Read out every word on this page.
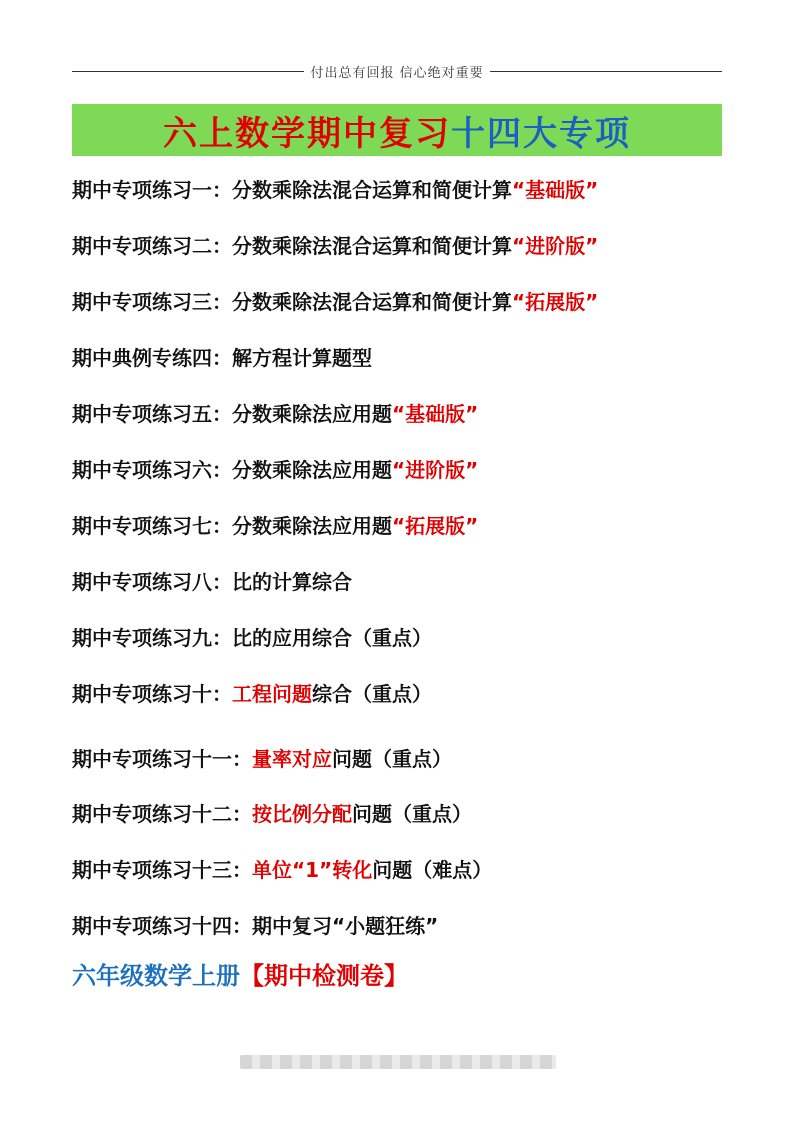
付出总有回报 信心绝对重要
六上数学期中复习 十四大专项
期中专项练习一：分数乘除法混合运算和简便计算“基础版”
期中专项练习二：分数乘除法混合运算和简便计算“进阶版”
期中专项练习三：分数乘除法混合运算和简便计算“拓展版”
期中典例专练四：解方程计算题型
期中专项练习五：分数乘除法应用题“基础版”
期中专项练习六：分数乘除法应用题“进阶版”
期中专项练习七：分数乘除法应用题“拓展版”
期中专项练习八：比的计算综合
期中专项练习九：比的应用综合（重点）
期中专项练习十：工程问题综合（重点）
期中专项练习十一：量率对应问题（重点）
期中专项练习十二：按比例分配问题（重点）
期中专项练习十三：单位“1”转化问题（难点）
期中专项练习十四：期中复习“小题狂练”
六年级数学上册【期中检测卷】
